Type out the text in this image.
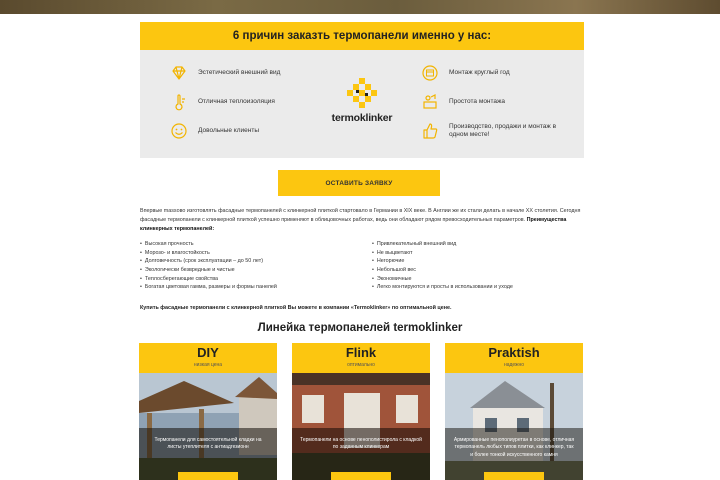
6 причин заказть термопанели именно у нас:
Эстетический внешний вид
Отличная теплоизоляция
Довольные клиенты
termoklinker
Монтаж круглый год
Простота монтажа
Производство, продажи и монтаж в одном месте!
ОСТАВИТЬ ЗАЯВКУ

Впервые massово изготовлять фасадные термопанелей с клинкерной плиткой стартовало в Германии в XIX веке. В Англии же их стали делать в начале XX столетия. Сегодня фасадные термопанели с клинкерной плиткой успешно применяют в облицовочных работах, ведь они обладают рядом превосходительных параметров. Преимущества клинкерных термопанелей:

• Высокая прочность
• Морозо- и влагостойкость
• Долговечность (срок эксплуатации – до 50 лет)
• Экологически безвредные и чистые
• Теплосберегающие свойства
• Богатая цветовая гамма, размеры и формы панелей
• Привлекательный внешний вид
• Не выцветают
• Негорючие
• Небольшой вес
• Экономичные
• Легко монтируются и просты в использовании и уходе

Купить фасадные термопанели с клинкерной плиткой Вы можете в компании «Termoklinker» по оптимальной цене.

Линейка термопанелей termoklinker
DIY
низкая цена
Термопанели для самостоятельной кладки на листы утеплителя с антиадгезионн
Flink
оптимально
Термопанели на основе пенополистирола с кладкой по заданным клинкерам
Praktish
надежно
Армированные пенополиуретан в основе, отличная термопанель любых типов плитки, как клинкер, так и более тонкой искусственного камня
